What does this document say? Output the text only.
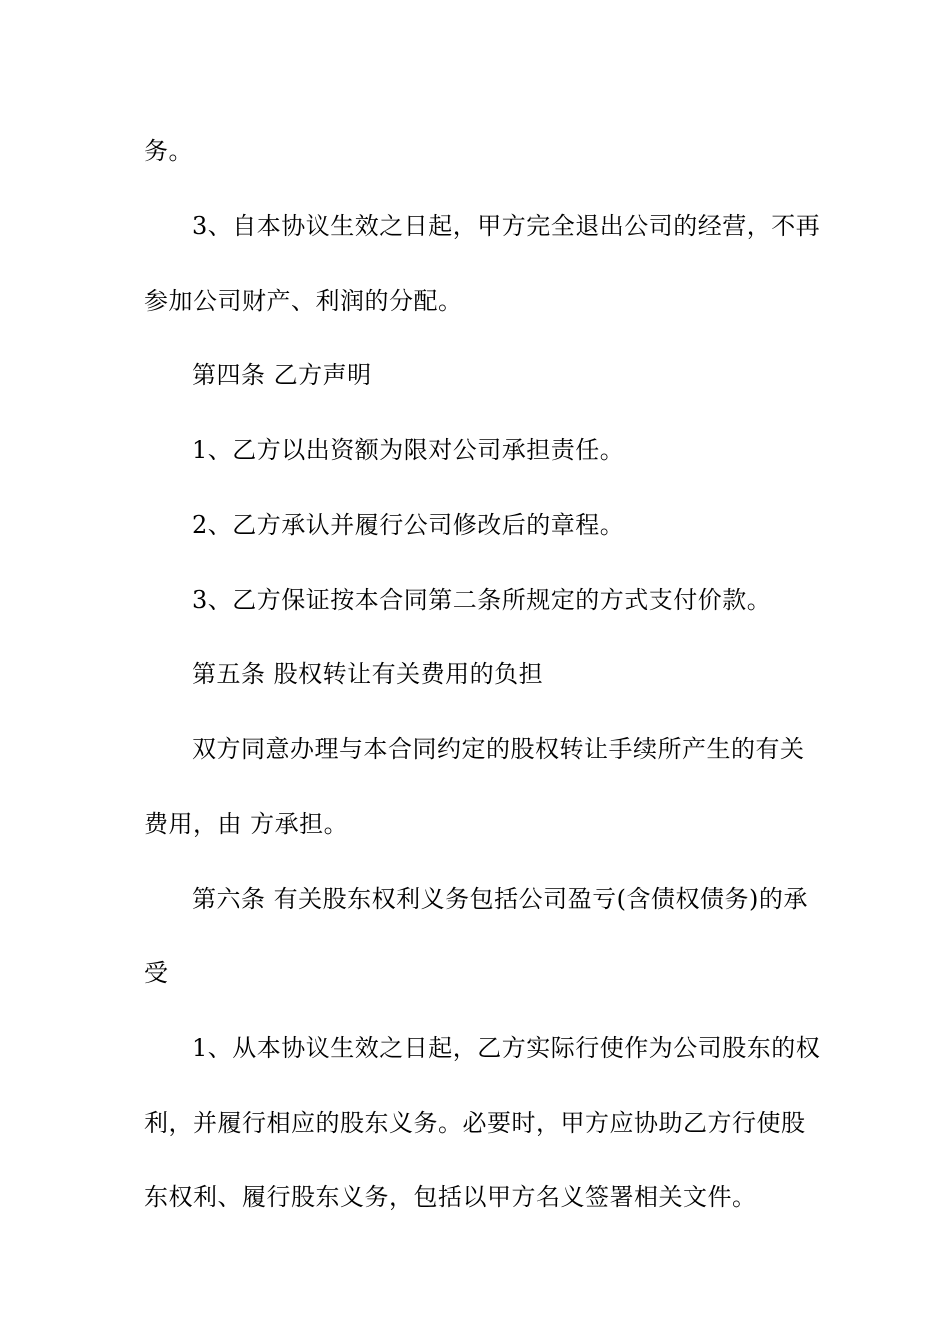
务。
3、自本协议生效之日起，甲方完全退出公司的经营，不再
参加公司财产、利润的分配。
第四条 乙方声明
1、乙方以出资额为限对公司承担责任。
2、乙方承认并履行公司修改后的章程。
3、乙方保证按本合同第二条所规定的方式支付价款。
第五条 股权转让有关费用的负担
双方同意办理与本合同约定的股权转让手续所产生的有关
费用，由 方承担。
第六条 有关股东权利义务包括公司盈亏(含债权债务)的承
受
1、从本协议生效之日起，乙方实际行使作为公司股东的权
利，并履行相应的股东义务。必要时，甲方应协助乙方行使股
东权利、履行股东义务，包括以甲方名义签署相关文件。
